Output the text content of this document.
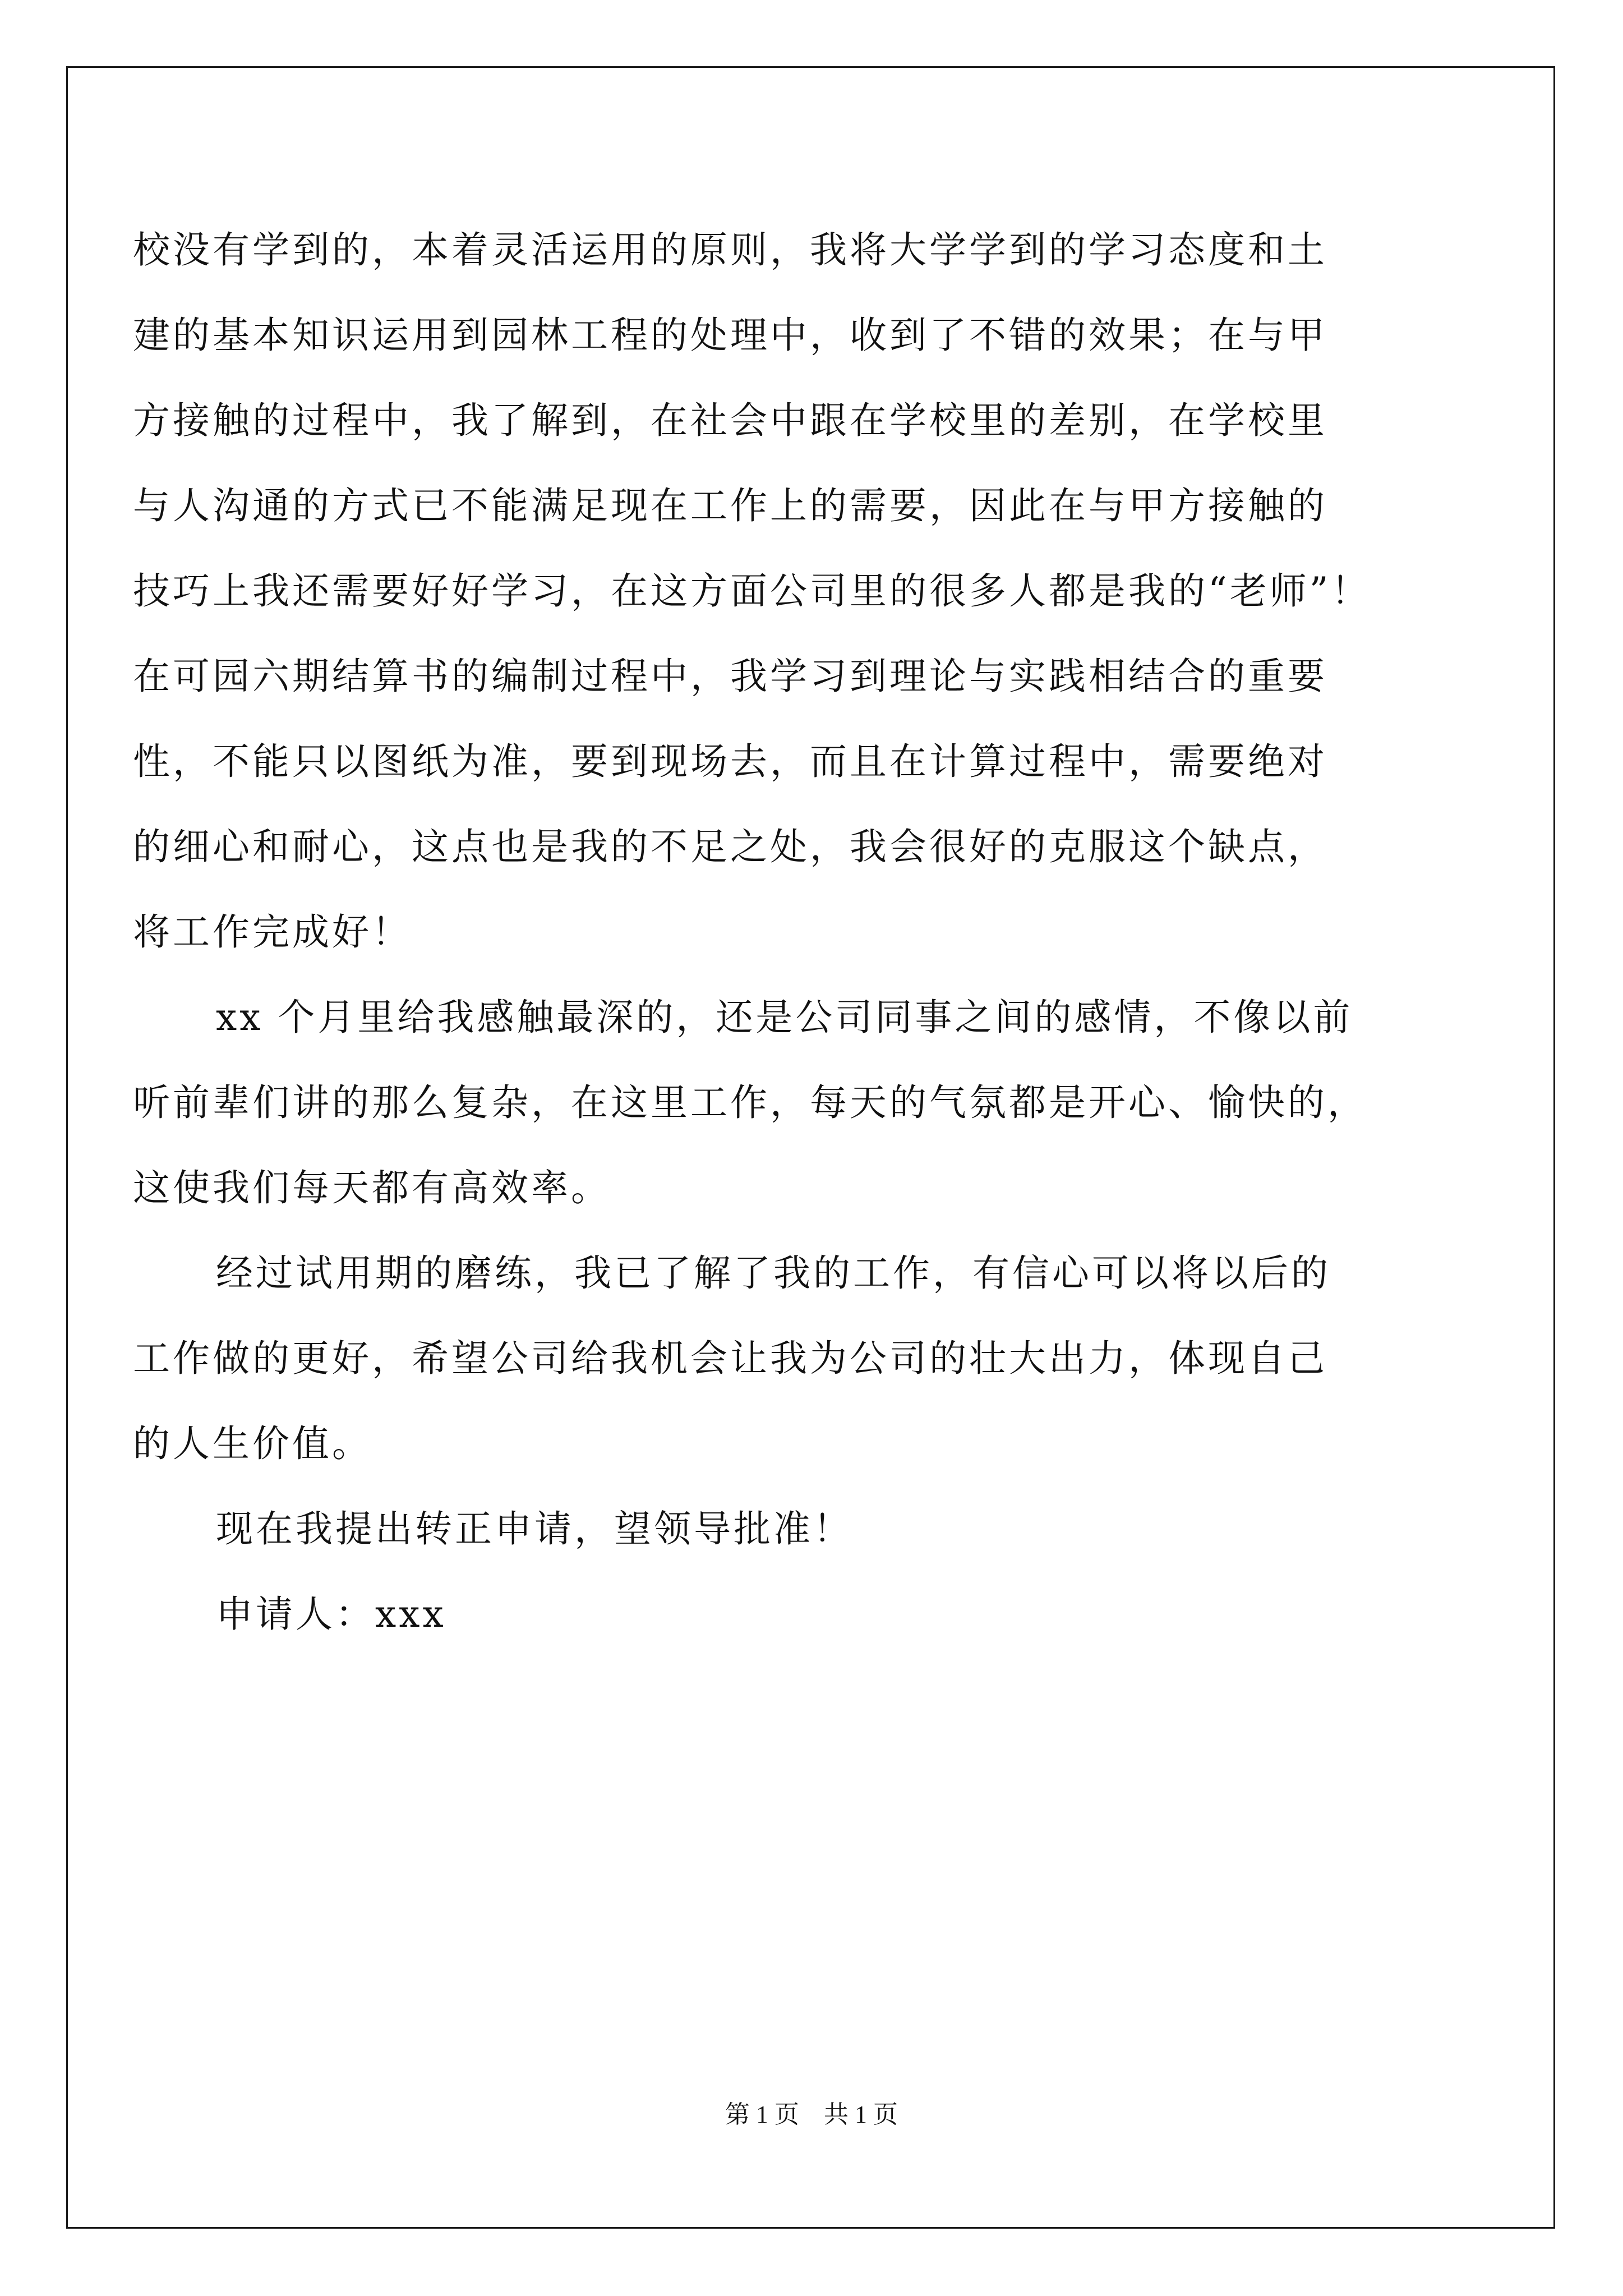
校没有学到的，本着灵活运用的原则，我将大学学到的学习态度和土
建的基本知识运用到园林工程的处理中，收到了不错的效果；在与甲
方接触的过程中，我了解到，在社会中跟在学校里的差别，在学校里
与人沟通的方式已不能满足现在工作上的需要，因此在与甲方接触的
技巧上我还需要好好学习，在这方面公司里的很多人都是我的“老师”！
在可园六期结算书的编制过程中，我学习到理论与实践相结合的重要
性，不能只以图纸为准，要到现场去，而且在计算过程中，需要绝对
的细心和耐心，这点也是我的不足之处，我会很好的克服这个缺点，
将工作完成好！
xx 个月里给我感触最深的，还是公司同事之间的感情，不像以前
听前辈们讲的那么复杂，在这里工作，每天的气氛都是开心、愉快的，
这使我们每天都有高效率。
经过试用期的磨练，我已了解了我的工作，有信心可以将以后的
工作做的更好，希望公司给我机会让我为公司的壮大出力，体现自己
的人生价值。
现在我提出转正申请，望领导批准！
申请人：xxx
第 1 页　共 1 页
